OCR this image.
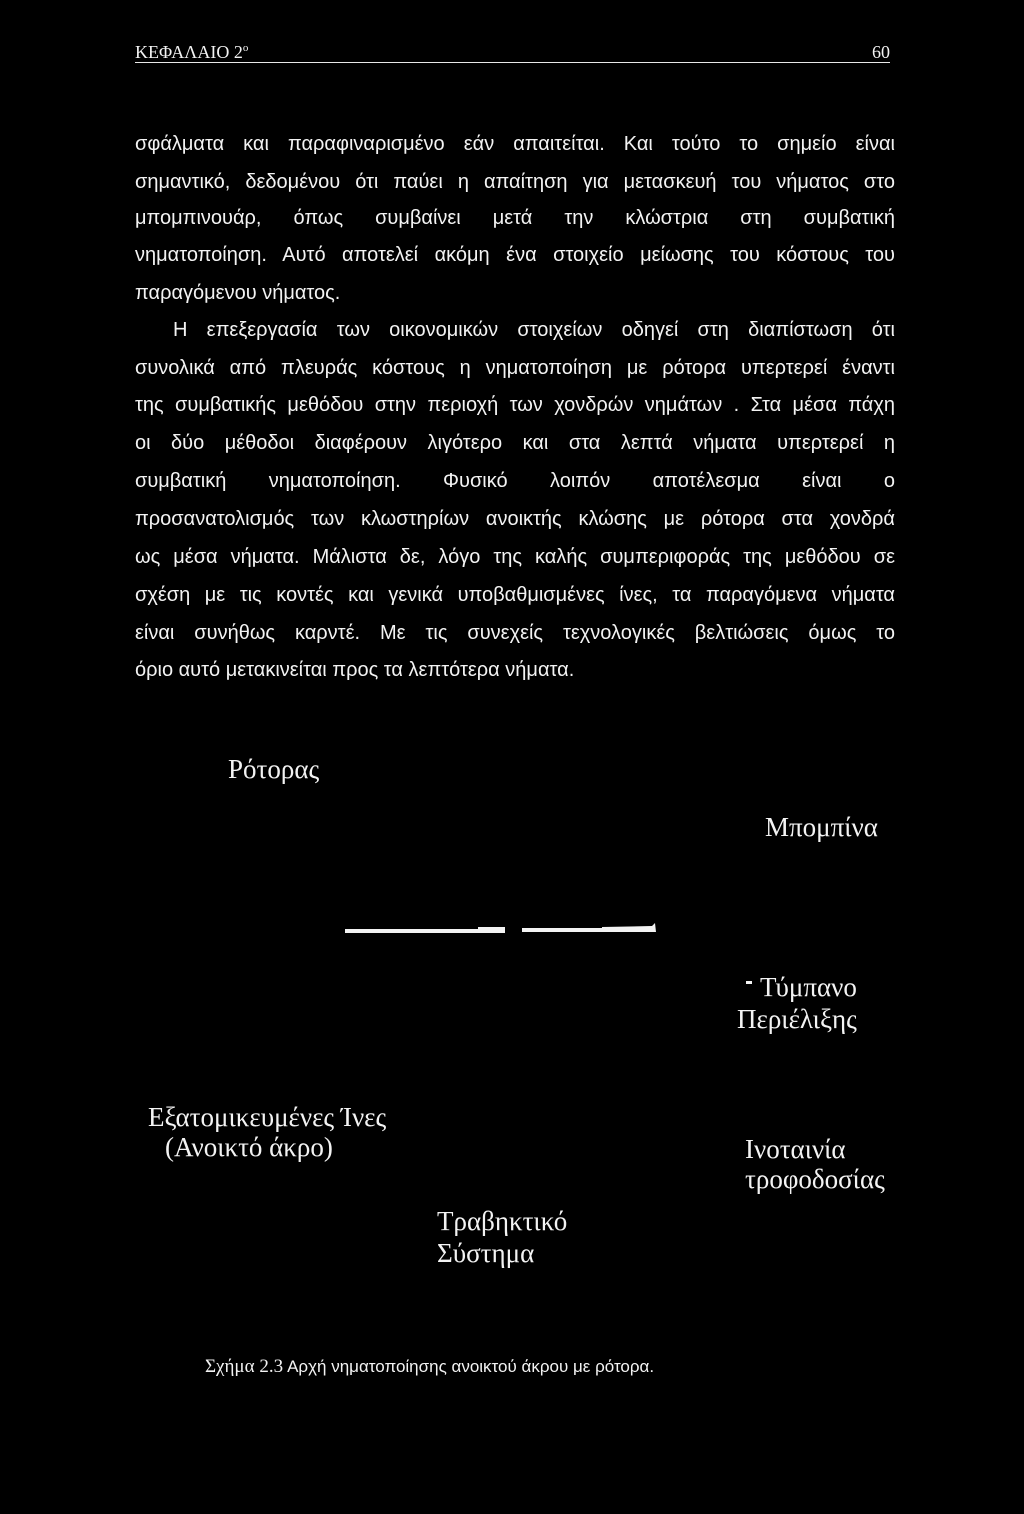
ΚΕΦΑΛΑΙΟ $2^o$	60
σφάλματα και παραφιναρισμένο εάν απαιτείται. Και τούτο το σημείο είναι
σημαντικό, δεδομένου ότι παύει η απαίτηση για μετασκευή του νήματος στο
μπομπινουάρ, όπως συμβαίνει μετά την κλώστρια στη συμβατική
νηματοποίηση. Αυτό αποτελεί ακόμη ένα στοιχείο μείωσης του κόστους του
παραγόμενου νήματος.
Η επεξεργασία των οικονομικών στοιχείων οδηγεί στη διαπίστωση ότι
συνολικά από πλευράς κόστους η νηματοποίηση με ρότορα υπερτερεί έναντι
της συμβατικής μεθόδου στην περιοχή των χονδρών νημάτων . Στα μέσα πάχη
οι δύο μέθοδοι διαφέρουν λιγότερο και στα λεπτά νήματα υπερτερεί η
συμβατική νηματοποίηση. Φυσικό λοιπόν αποτέλεσμα είναι ο
προσανατολισμός των κλωστηρίων ανοικτής κλώσης με ρότορα στα χονδρά
ως μέσα νήματα. Μάλιστα δε, λόγο της καλής συμπεριφοράς της μεθόδου σε
σχέση με τις κοντές και γενικά υποβαθμισμένες ίνες, τα παραγόμενα νήματα
είναι συνήθως καρντέ. Με τις συνεχείς τεχνολογικές βελτιώσεις όμως το
όριο αυτό μετακινείται προς τα λεπτότερα νήματα.
Ρότορας
Μπομπίνα
Τύμπανο
Περιέλιξης
Εξατομικευμένες Ίνες
(Ανοικτό άκρο)	Ινοταινία
τροφοδοσίας
Τραβηκτικό
Σύστημα
Σχήμα 2.3 Αρχή νηματοποίησης ανοικτού άκρου με ρότορα.
